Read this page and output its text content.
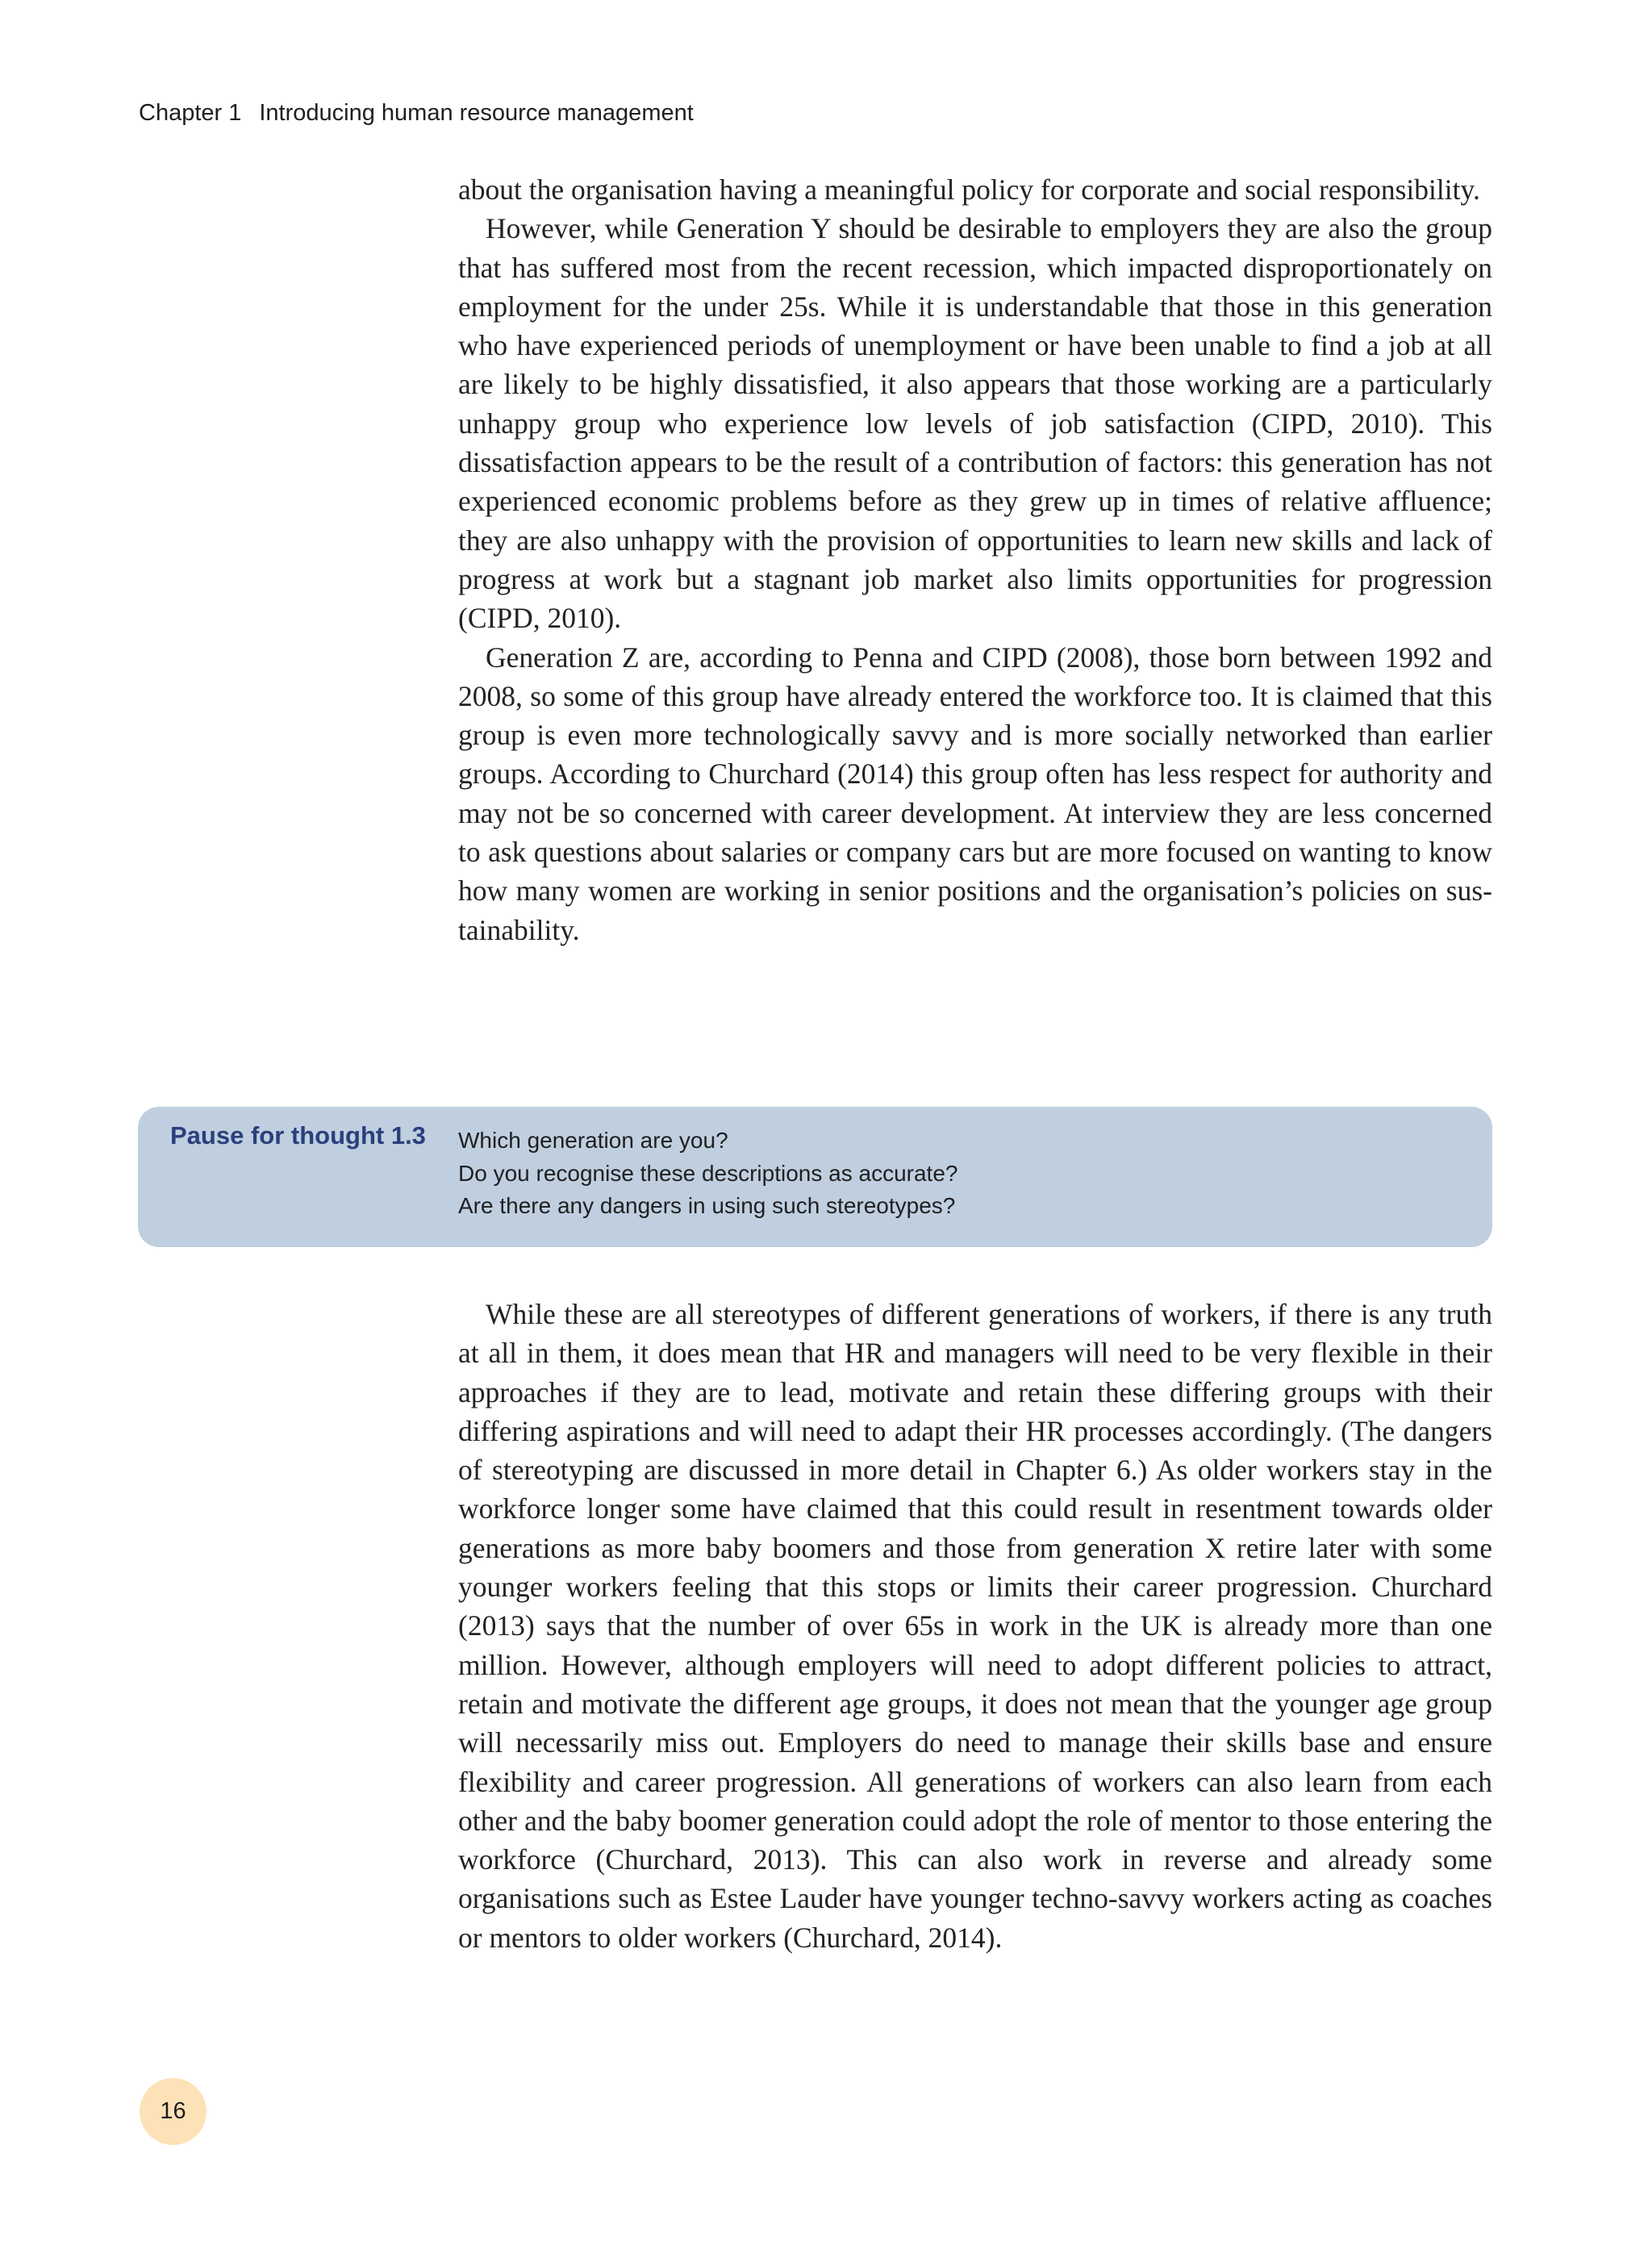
Chapter 1 Introducing human resource management

about the organisation having a meaningful policy for corporate and social responsibility.

However, while Generation Y should be desirable to employers they are also the group that has suffered most from the recent recession, which impacted disproportionately on employment for the under 25s. While it is understandable that those in this generation who have experienced periods of unemployment or have been unable to find a job at all are likely to be highly dissatisfied, it also appears that those working are a particularly unhappy group who experience low levels of job satisfaction (CIPD, 2010). This dissatisfaction appears to be the result of a contribution of factors: this generation has not experienced economic problems before as they grew up in times of relative affluence; they are also unhappy with the provision of opportunities to learn new skills and lack of progress at work but a stagnant job market also limits opportunities for progression (CIPD, 2010).

Generation Z are, according to Penna and CIPD (2008), those born between 1992 and 2008, so some of this group have already entered the workforce too. It is claimed that this group is even more technologically savvy and is more socially networked than earlier groups. According to Churchard (2014) this group often has less respect for authority and may not be so concerned with career development. At interview they are less concerned to ask questions about salaries or company cars but are more focused on wanting to know how many women are working in senior positions and the organisation’s policies on sustainability.

Pause for thought 1.3 Which generation are you?
Do you recognise these descriptions as accurate?
Are there any dangers in using such stereotypes?

While these are all stereotypes of different generations of workers, if there is any truth at all in them, it does mean that HR and managers will need to be very flexible in their approaches if they are to lead, motivate and retain these differing groups with their differing aspirations and will need to adapt their HR processes accordingly. (The dangers of stereotyping are discussed in more detail in Chapter 6.) As older workers stay in the workforce longer some have claimed that this could result in resentment towards older generations as more baby boomers and those from generation X retire later with some younger workers feeling that this stops or limits their career progression. Churchard (2013) says that the number of over 65s in work in the UK is already more than one million. However, although employers will need to adopt different policies to attract, retain and motivate the different age groups, it does not mean that the younger age group will necessarily miss out. Employers do need to manage their skills base and ensure flexibility and career progression. All generations of workers can also learn from each other and the baby boomer generation could adopt the role of mentor to those entering the workforce (Churchard, 2013). This can also work in reverse and already some organisations such as Estee Lauder have younger techno-savvy workers acting as coaches or mentors to older workers (Churchard, 2014).

16
